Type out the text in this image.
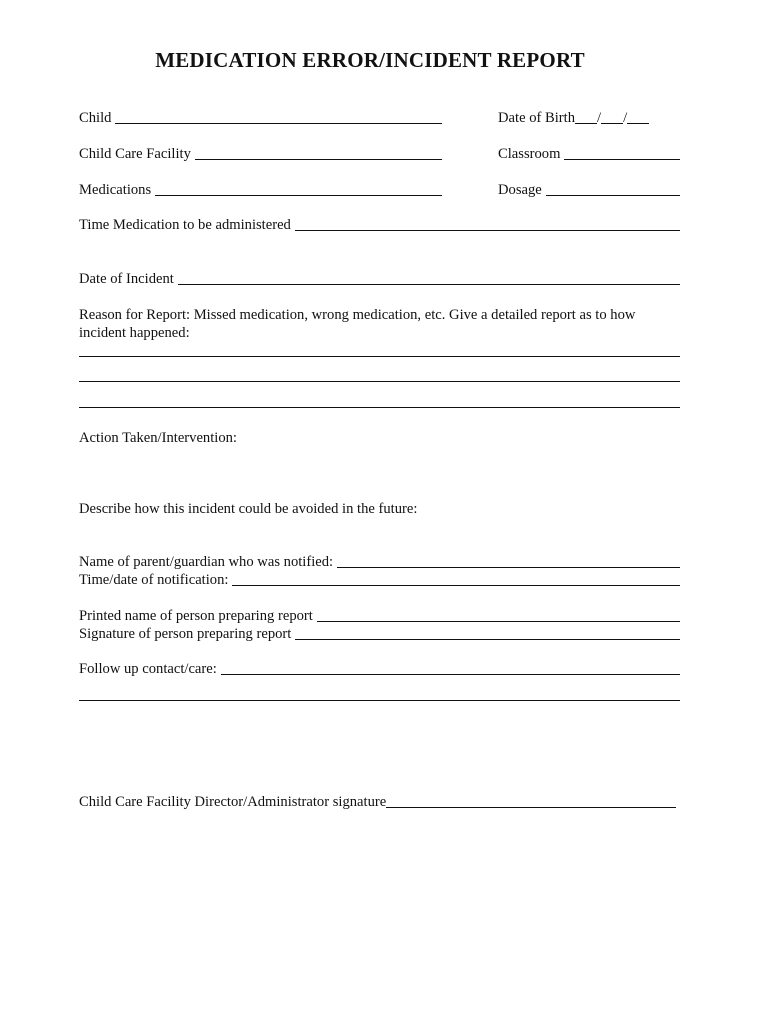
MEDICATION ERROR/INCIDENT REPORT
Child	Date of Birth / /
Child Care Facility	Classroom
Medications	Dosage
Time Medication to be administered
Date of Incident
Reason for Report: Missed medication, wrong medication, etc. Give a detailed report as to how incident happened:
Action Taken/Intervention:
Describe how this incident could be avoided in the future:
Name of parent/guardian who was notified:
Time/date of notification:
Printed name of person preparing report
Signature of person preparing report
Follow up contact/care:
Child Care Facility Director/Administrator signature
